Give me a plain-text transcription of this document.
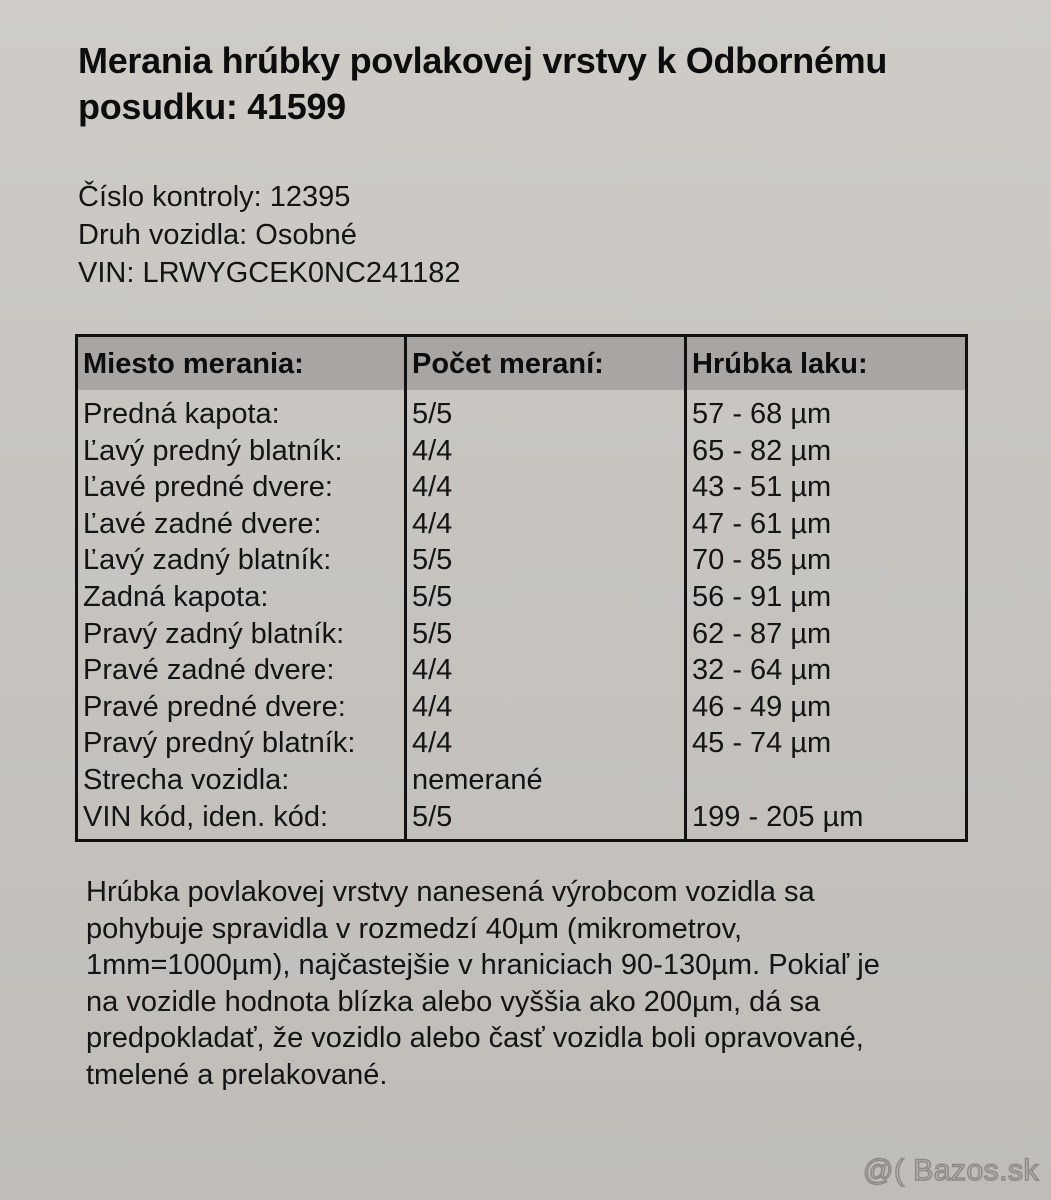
Merania hrúbky povlakovej vrstvy k Odbornému
posudku: 41599
Číslo kontroly: 12395
Druh vozidla: Osobné
VIN: LRWYGCEK0NC241182
Miesto merania:	Počet meraní:	Hrúbka laku:
Predná kapota:	5/5	57 - 68 µm
Ľavý predný blatník: 4/4	65 - 82 µm
Ľavé predné dvere:	4/4	43 - 51 µm
Ľavé zadné dvere:	4/4	47 - 61 µm
Ľavý zadný blatník:	5/5	70 - 85 µm
Zadná kapota:	5/5	56 - 91 µm
Pravý zadný blatník: 5/5	62 - 87 µm
Pravé zadné dvere:	4/4	32 - 64 µm
Pravé predné dvere: 4/4	46 - 49 µm
Pravý predný blatník: 4/4	45 - 74 µm
Strecha vozidla:	nemerané
VIN kód, iden. kód:	5/5	199 - 205 µm
Hrúbka povlakovej vrstvy nanesená výrobcom vozidla sa
pohybuje spravidla v rozmedzí 40µm (mikrometrov,
1mm=1000µm), najčastejšie v hraniciach 90-130µm. Pokiaľ je
na vozidle hodnota blízka alebo vyššia ako 200µm, dá sa
predpokladať, že vozidlo alebo časť vozidla boli opravované,
tmelené a prelakované.
@( Bazos.sk
